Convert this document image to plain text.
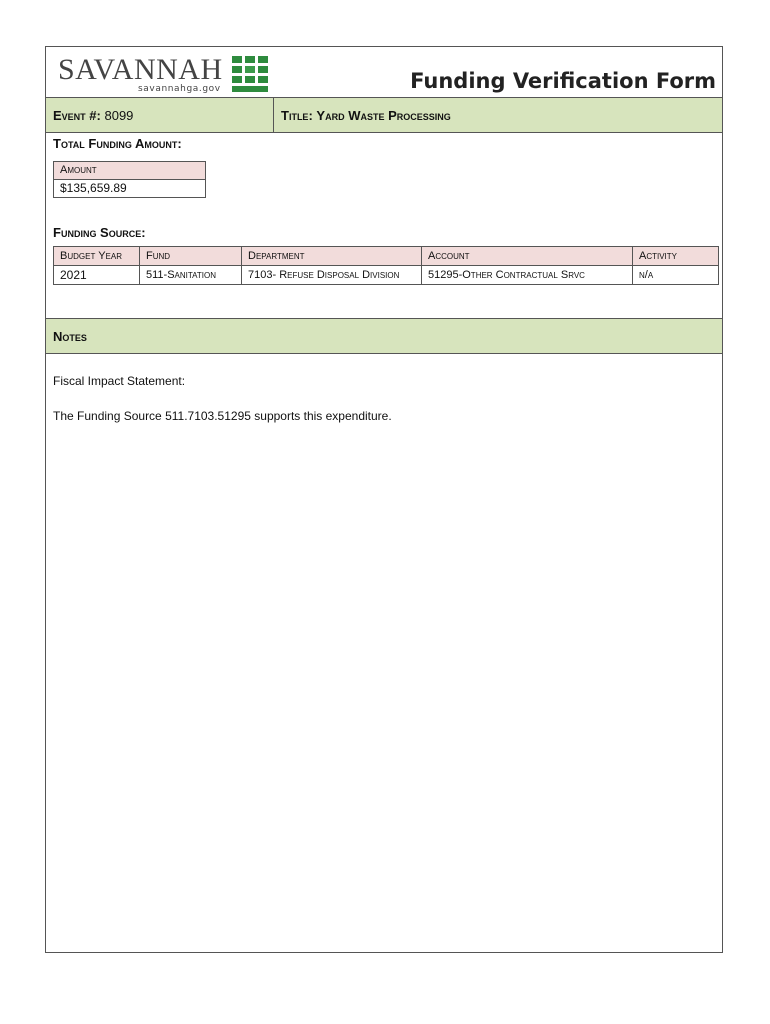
SAVANNAH
savannahga.gov	Funding Verification Form
Event #: 8099	Title: Yard Waste Processing
Total Funding Amount:
Amount
$135,659.89
Funding Source:
Budget Year	Fund	Department	Account	Activity
2021	511-Sanitation	7103- Refuse Disposal Division	51295-Other Contractual Srvc	n/a
Notes
Fiscal Impact Statement:
The Funding Source 511.7103.51295 supports this expenditure.
